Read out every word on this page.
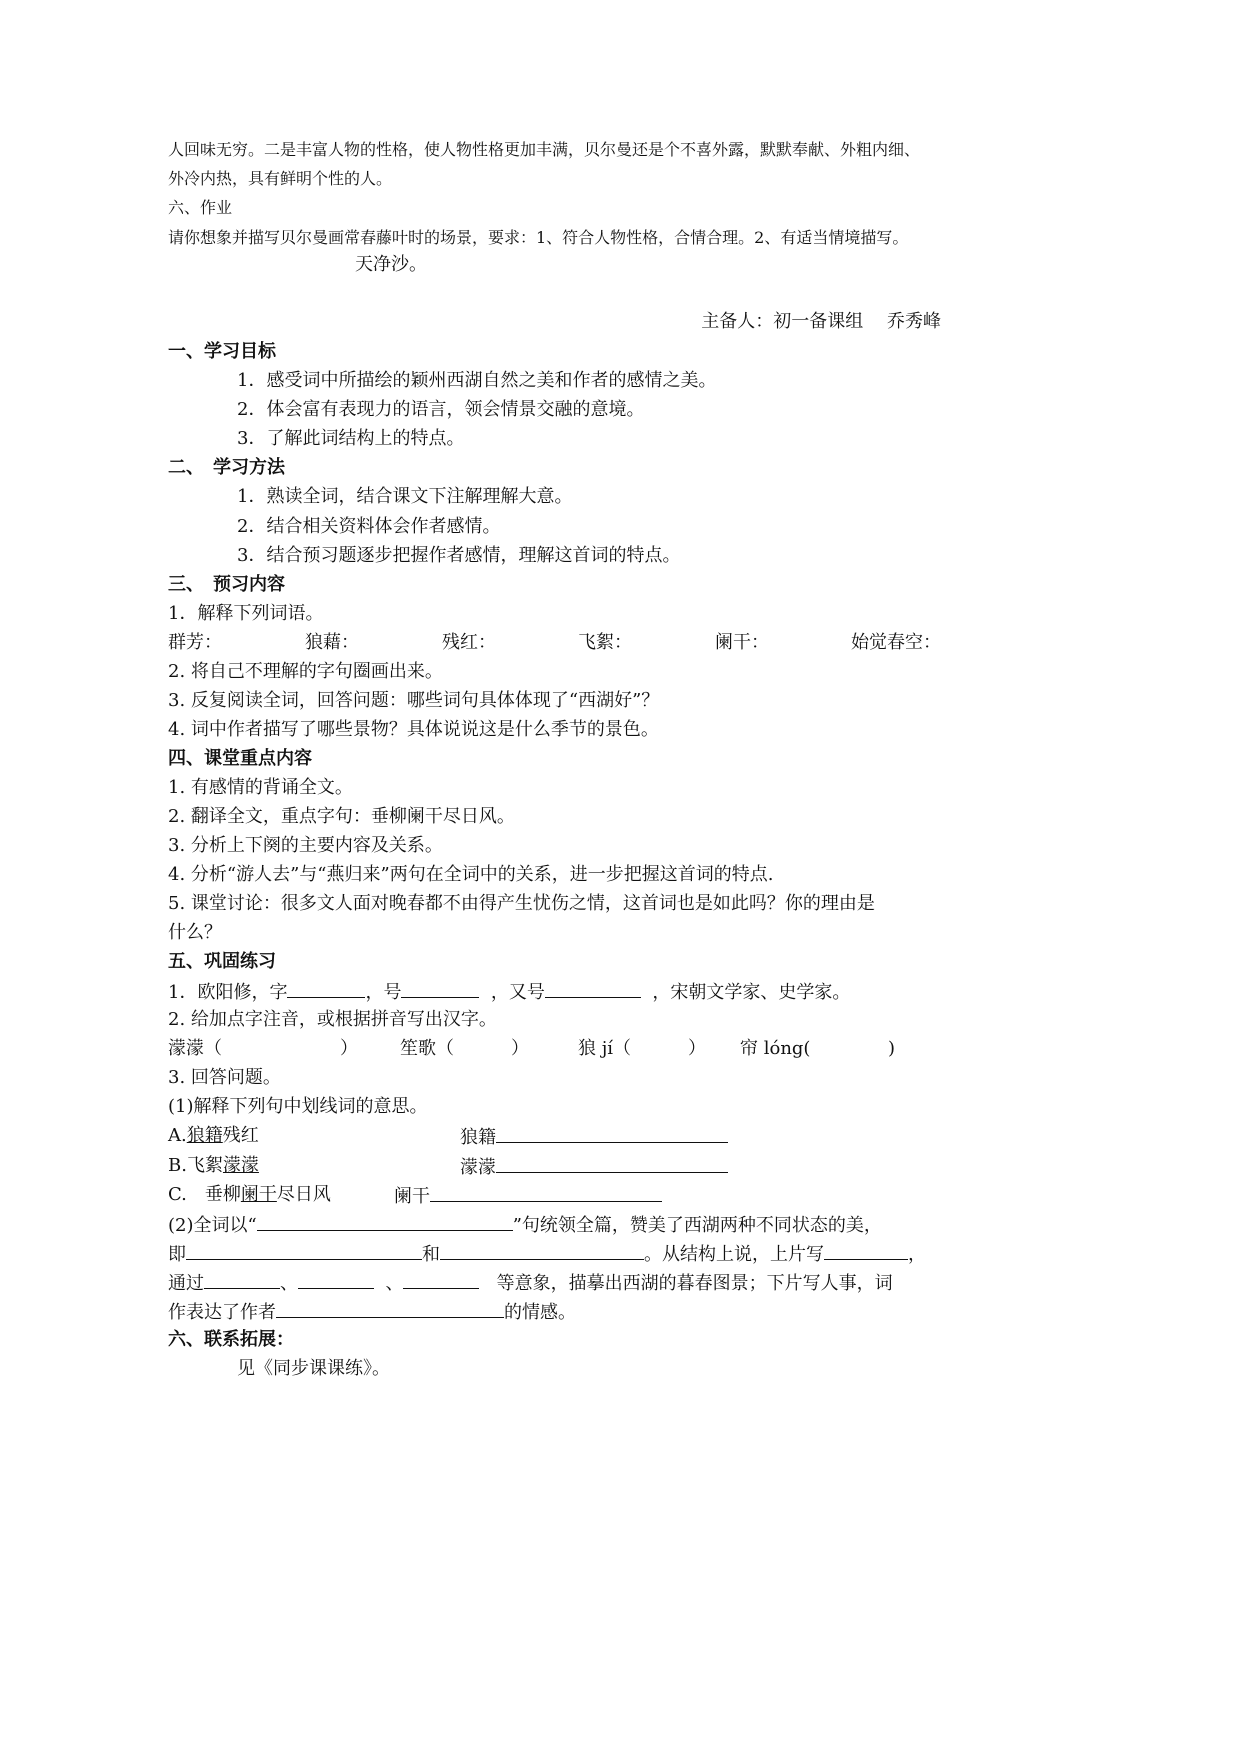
人回味无穷。二是丰富人物的性格，使人物性格更加丰满，贝尔曼还是个不喜外露，默默奉献、外粗内细、
外冷内热，具有鲜明个性的人。
六、作业
请你想象并描写贝尔曼画常春藤叶时的场景，要求：1、符合人物性格，合情合理。2、有适当情境描写。
天净沙。
主备人：初一备课组　 乔秀峰
一、学习目标
1．感受词中所描绘的颖州西湖自然之美和作者的感情之美。
2．体会富有表现力的语言，领会情景交融的意境。
3．了解此词结构上的特点。
二、　学习方法
1．熟读全词，结合课文下注解理解大意。
2．结合相关资料体会作者感情。
3．结合预习题逐步把握作者感情，理解这首词的特点。
三、　预习内容
1．解释下列词语。
群芳：	狼藉：	残红：	飞絮：	阑干：	始觉春空：
2. 将自己不理解的字句圈画出来。
3. 反复阅读全词，回答问题：哪些词句具体体现了“西湖好”？
4. 词中作者描写了哪些景物？具体说说这是什么季节的景色。
四、课堂重点内容
1. 有感情的背诵全文。
2. 翻译全文，重点字句：垂柳阑干尽日风。
3. 分析上下阕的主要内容及关系。
4. 分析“游人去”与“燕归来”两句在全词中的关系，进一步把握这首词的特点.
5. 课堂讨论：很多文人面对晚春都不由得产生忧伤之情，这首词也是如此吗？你的理由是
什么？
五、巩固练习
1．欧阳修，字	，号	，又号	，宋朝文学家、史学家。
2. 给加点字注音，或根据拼音写出汉字。
濛濛（	） 笙歌（	）	狼 jí（	） 帘 lóng(	)
3. 回答问题。
(1)解释下列句中划线词的意思。
A.狼籍残红	狼籍
B.飞絮濛濛	濛濛
C.　垂柳阑干尽日风	阑干
(2)全词以“	”句统领全篇，赞美了西湖两种不同状态的美，
即	和	。从结构上说，上片写	，
通过	、	、	等意象，描摹出西湖的暮春图景；下片写人事，词
作表达了作者	的情感。
六、联系拓展：
见《同步课课练》。
